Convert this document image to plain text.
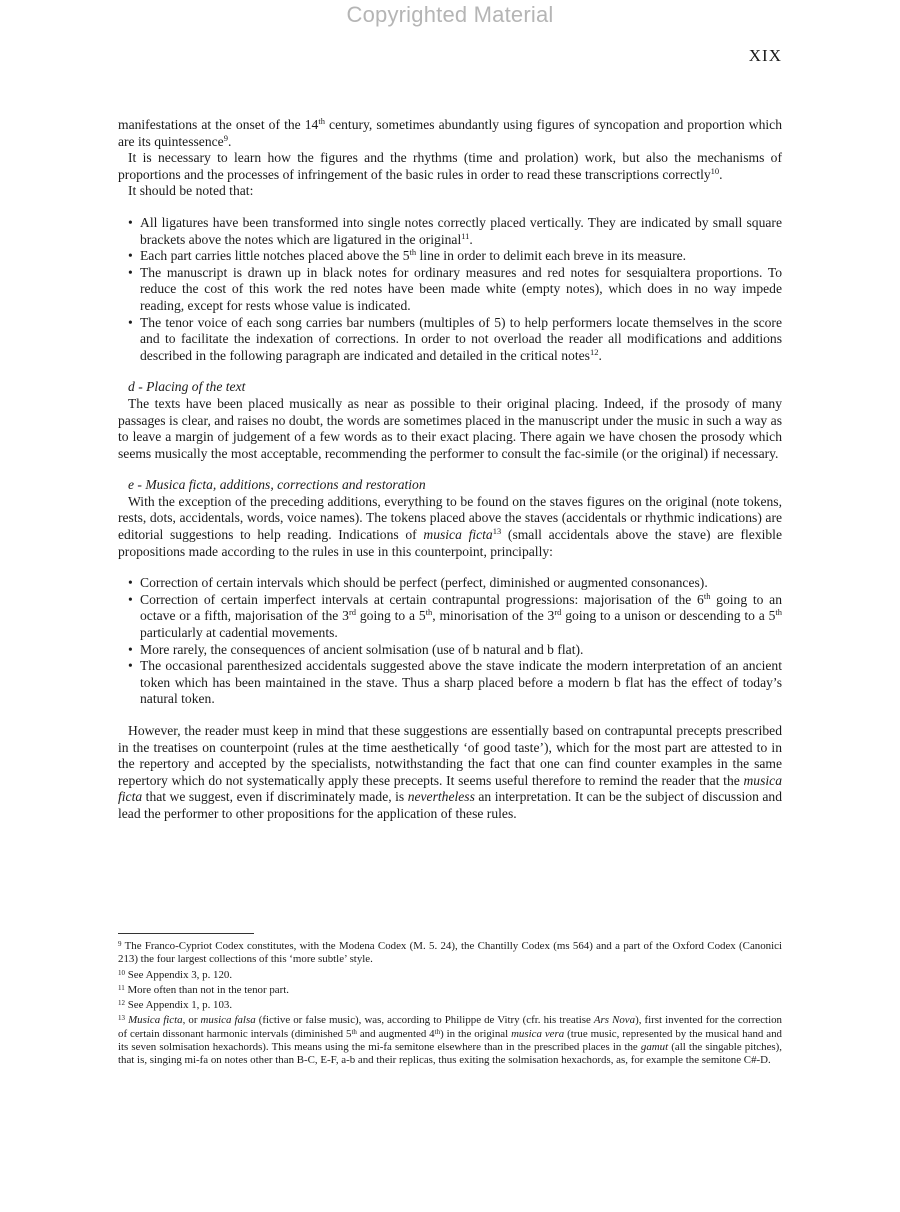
Copyrighted Material
XIX

manifestations at the onset of the 14th century, sometimes abundantly using figures of syncopation and proportion which are its quintessence$^9$.

It is necessary to learn how the figures and the rhythms (time and prolation) work, but also the mechanisms of proportions and the processes of infringement of the basic rules in order to read these transcriptions correctly$^{10}$.

It should be noted that:

• All ligatures have been transformed into single notes correctly placed vertically. They are indicated by small square brackets above the notes which are ligatured in the original$^{11}$.
• Each part carries little notches placed above the 5th line in order to delimit each breve in its measure.
• The manuscript is drawn up in black notes for ordinary measures and red notes for sesquialtera proportions. To reduce the cost of this work the red notes have been made white (empty notes), which does in no way impede reading, except for rests whose value is indicated.
• The tenor voice of each song carries bar numbers (multiples of 5) to help performers locate themselves in the score and to facilitate the indexation of corrections. In order to not overload the reader all modifications and additions described in the following paragraph are indicated and detailed in the critical notes$^{12}$.

d - Placing of the text

The texts have been placed musically as near as possible to their original placing. Indeed, if the prosody of many passages is clear, and raises no doubt, the words are sometimes placed in the manuscript under the music in such a way as to leave a margin of judgement of a few words as to their exact placing. There again we have chosen the prosody which seems musically the most acceptable, recommending the performer to consult the fac-simile (or the original) if necessary.

e - Musica ficta, additions, corrections and restoration

With the exception of the preceding additions, everything to be found on the staves figures on the original (note tokens, rests, dots, accidentals, words, voice names). The tokens placed above the staves (accidentals or rhythmic indications) are editorial suggestions to help reading. Indications of musica ficta$^{13}$ (small accidentals above the stave) are flexible propositions made according to the rules in use in this counterpoint, principally:

• Correction of certain intervals which should be perfect (perfect, diminished or augmented consonances).
• Correction of certain imperfect intervals at certain contrapuntal progressions: majorisation of the 6th going to an octave or a fifth, majorisation of the 3rd going to a 5th, minorisation of the 3rd going to a unison or descending to a 5th particularly at cadential movements.
• More rarely, the consequences of ancient solmisation (use of b natural and b flat).
• The occasional parenthesized accidentals suggested above the stave indicate the modern interpretation of an ancient token which has been maintained in the stave. Thus a sharp placed before a modern b flat has the effect of today’s natural token.

However, the reader must keep in mind that these suggestions are essentially based on contrapuntal precepts prescribed in the treatises on counterpoint (rules at the time aesthetically ‘of good taste’), which for the most part are attested to in the repertory and accepted by the specialists, notwithstanding the fact that one can find counter examples in the same repertory which do not systematically apply these precepts. It seems useful therefore to remind the reader that the musica ficta that we suggest, even if discriminately made, is nevertheless an interpretation. It can be the subject of discussion and lead the performer to other propositions for the application of these rules.

$^9$ The Franco-Cypriot Codex constitutes, with the Modena Codex (M. 5. 24), the Chantilly Codex (ms 564) and a part of the Oxford Codex (Canonici 213) the four largest collections of this ‘more subtle’ style.

$^{10}$ See Appendix 3, p. 120.

$^{11}$ More often than not in the tenor part.

$^{12}$ See Appendix 1, p. 103.

$^{13}$ Musica ficta, or musica falsa (fictive or false music), was, according to Philippe de Vitry (cfr. his treatise Ars Nova), first invented for the correction of certain dissonant harmonic intervals (diminished 5th and augmented 4th) in the original musica vera (true music, represented by the musical hand and its seven solmisation hexachords). This means using the mi-fa semitone elsewhere than in the prescribed places in the gamut (all the singable pitches), that is, singing mi-fa on notes other than B-C, E-F, a-b and their replicas, thus exiting the solmisation hexachords, as, for example the semitone C#-D.
